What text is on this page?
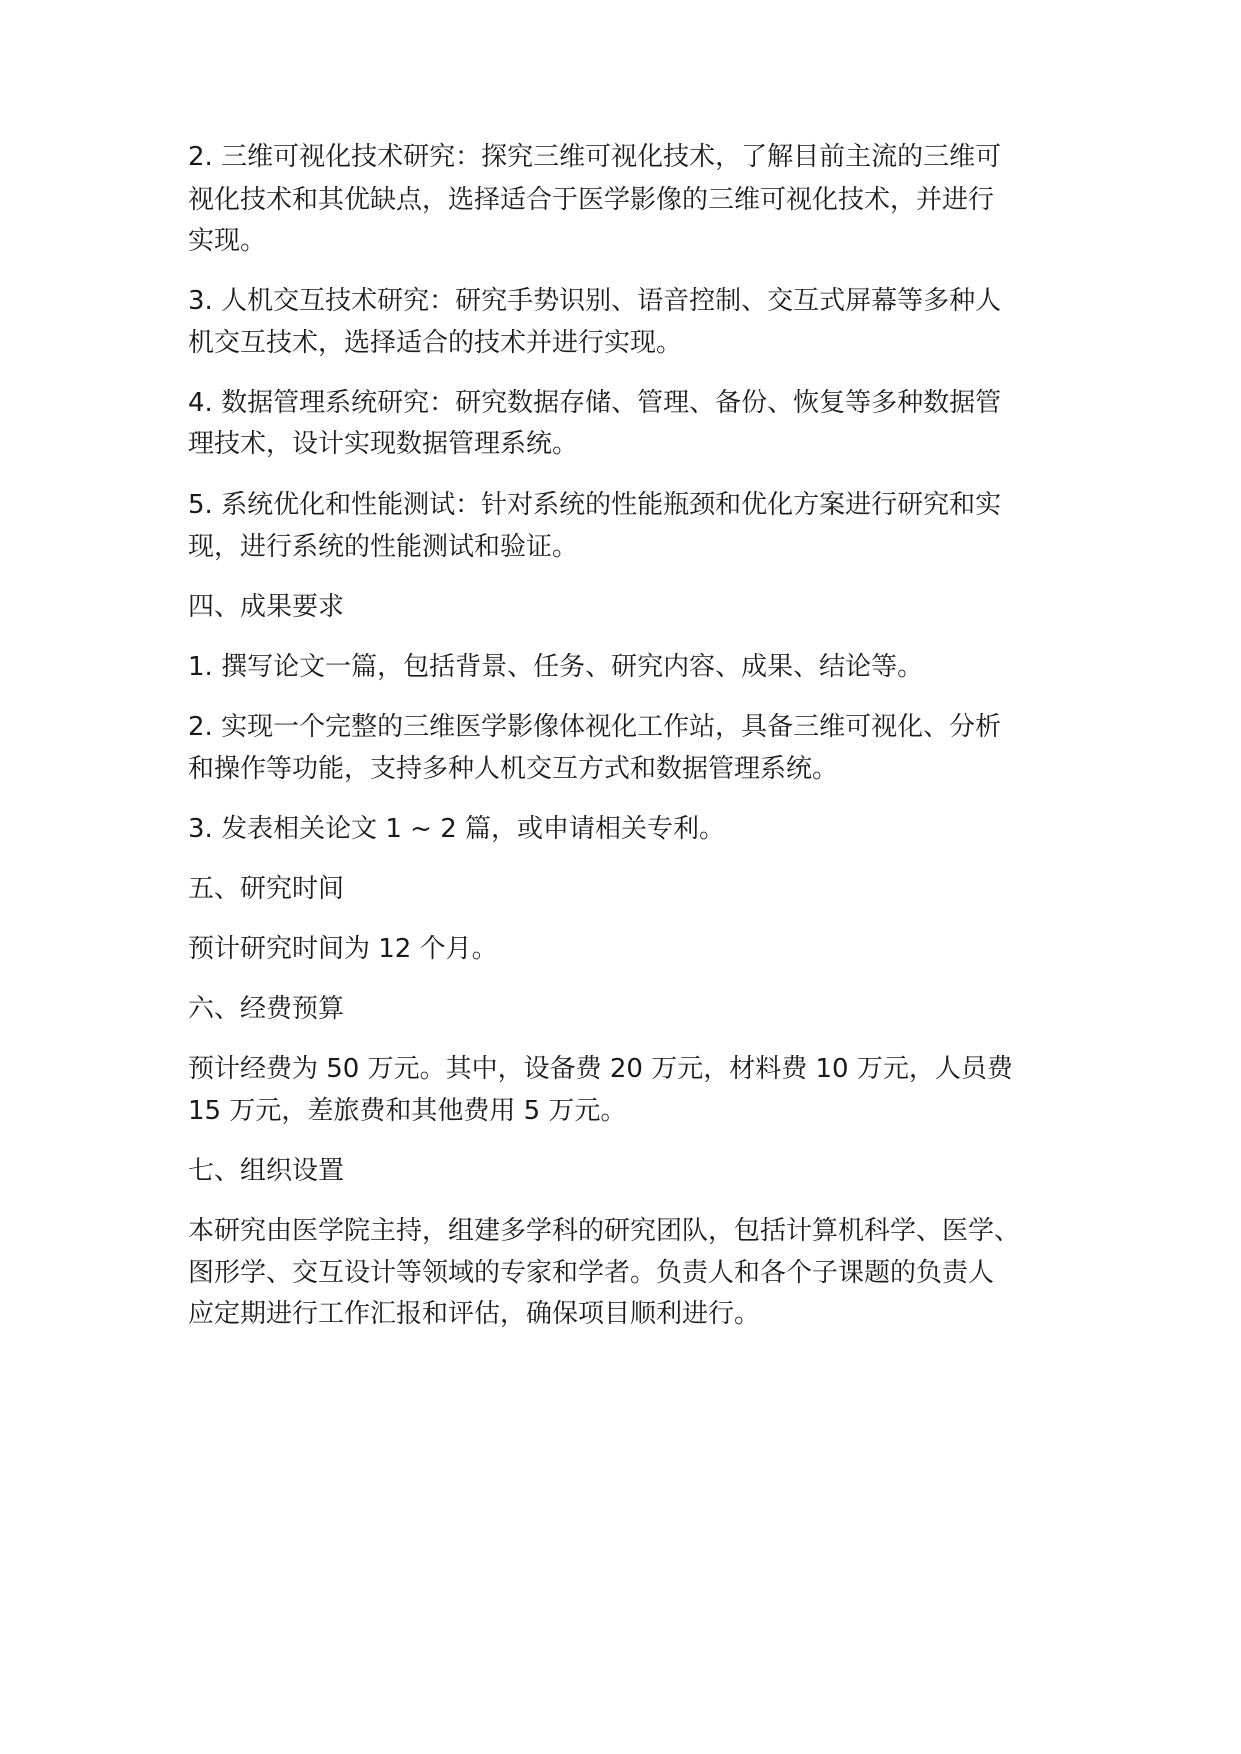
2. 三维可视化技术研究：探究三维可视化技术，了解目前主流的三维可
视化技术和其优缺点，选择适合于医学影像的三维可视化技术，并进行
实现。
3. 人机交互技术研究：研究手势识别、语音控制、交互式屏幕等多种人
机交互技术，选择适合的技术并进行实现。
4. 数据管理系统研究：研究数据存储、管理、备份、恢复等多种数据管
理技术，设计实现数据管理系统。
5. 系统优化和性能测试：针对系统的性能瓶颈和优化方案进行研究和实
现，进行系统的性能测试和验证。
四、成果要求
1. 撰写论文一篇，包括背景、任务、研究内容、成果、结论等。
2. 实现一个完整的三维医学影像体视化工作站，具备三维可视化、分析
和操作等功能，支持多种人机交互方式和数据管理系统。
3. 发表相关论文 1 ~ 2 篇，或申请相关专利。
五、研究时间
预计研究时间为 12 个月。
六、经费预算
预计经费为 50 万元。其中，设备费 20 万元，材料费 10 万元，人员费
15 万元，差旅费和其他费用 5 万元。
七、组织设置
本研究由医学院主持，组建多学科的研究团队，包括计算机科学、医学、
图形学、交互设计等领域的专家和学者。负责人和各个子课题的负责人
应定期进行工作汇报和评估，确保项目顺利进行。
